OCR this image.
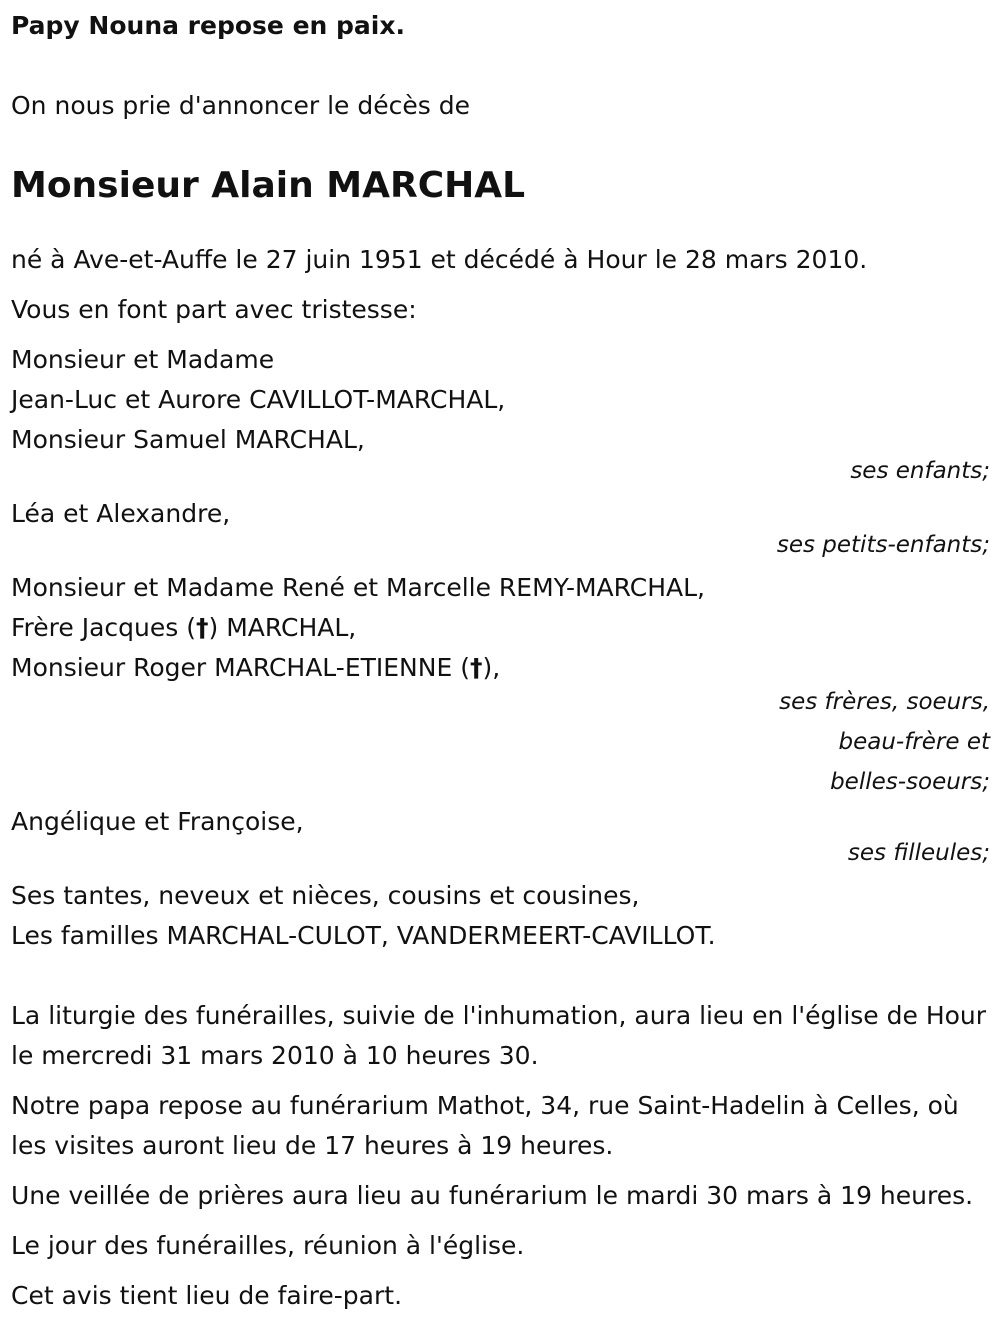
Papy Nouna repose en paix.

On nous prie d'annoncer le décès de

Monsieur Alain MARCHAL

né à Ave-et-Auffe le 27 juin 1951 et décédé à Hour le 28 mars 2010.

Vous en font part avec tristesse:

Monsieur et Madame

Jean-Luc et Aurore CAVILLOT-MARCHAL,

Monsieur Samuel MARCHAL,

ses enfants;

Léa et Alexandre,

ses petits-enfants;

Monsieur et Madame René et Marcelle REMY-MARCHAL,

Frère Jacques (†) MARCHAL,

Monsieur Roger MARCHAL-ETIENNE (†),

ses frères, soeurs,

beau-frère et

belles-soeurs;

Angélique et Françoise,

ses filleules;

Ses tantes, neveux et nièces, cousins et cousines,

Les familles MARCHAL-CULOT, VANDERMEERT-CAVILLOT.

La liturgie des funérailles, suivie de l'inhumation, aura lieu en l'église de Hour le mercredi 31 mars 2010 à 10 heures 30.

Notre papa repose au funérarium Mathot, 34, rue Saint-Hadelin à Celles, où les visites auront lieu de 17 heures à 19 heures.

Une veillée de prières aura lieu au funérarium le mardi 30 mars à 19 heures.

Le jour des funérailles, réunion à l'église.

Cet avis tient lieu de faire-part.
